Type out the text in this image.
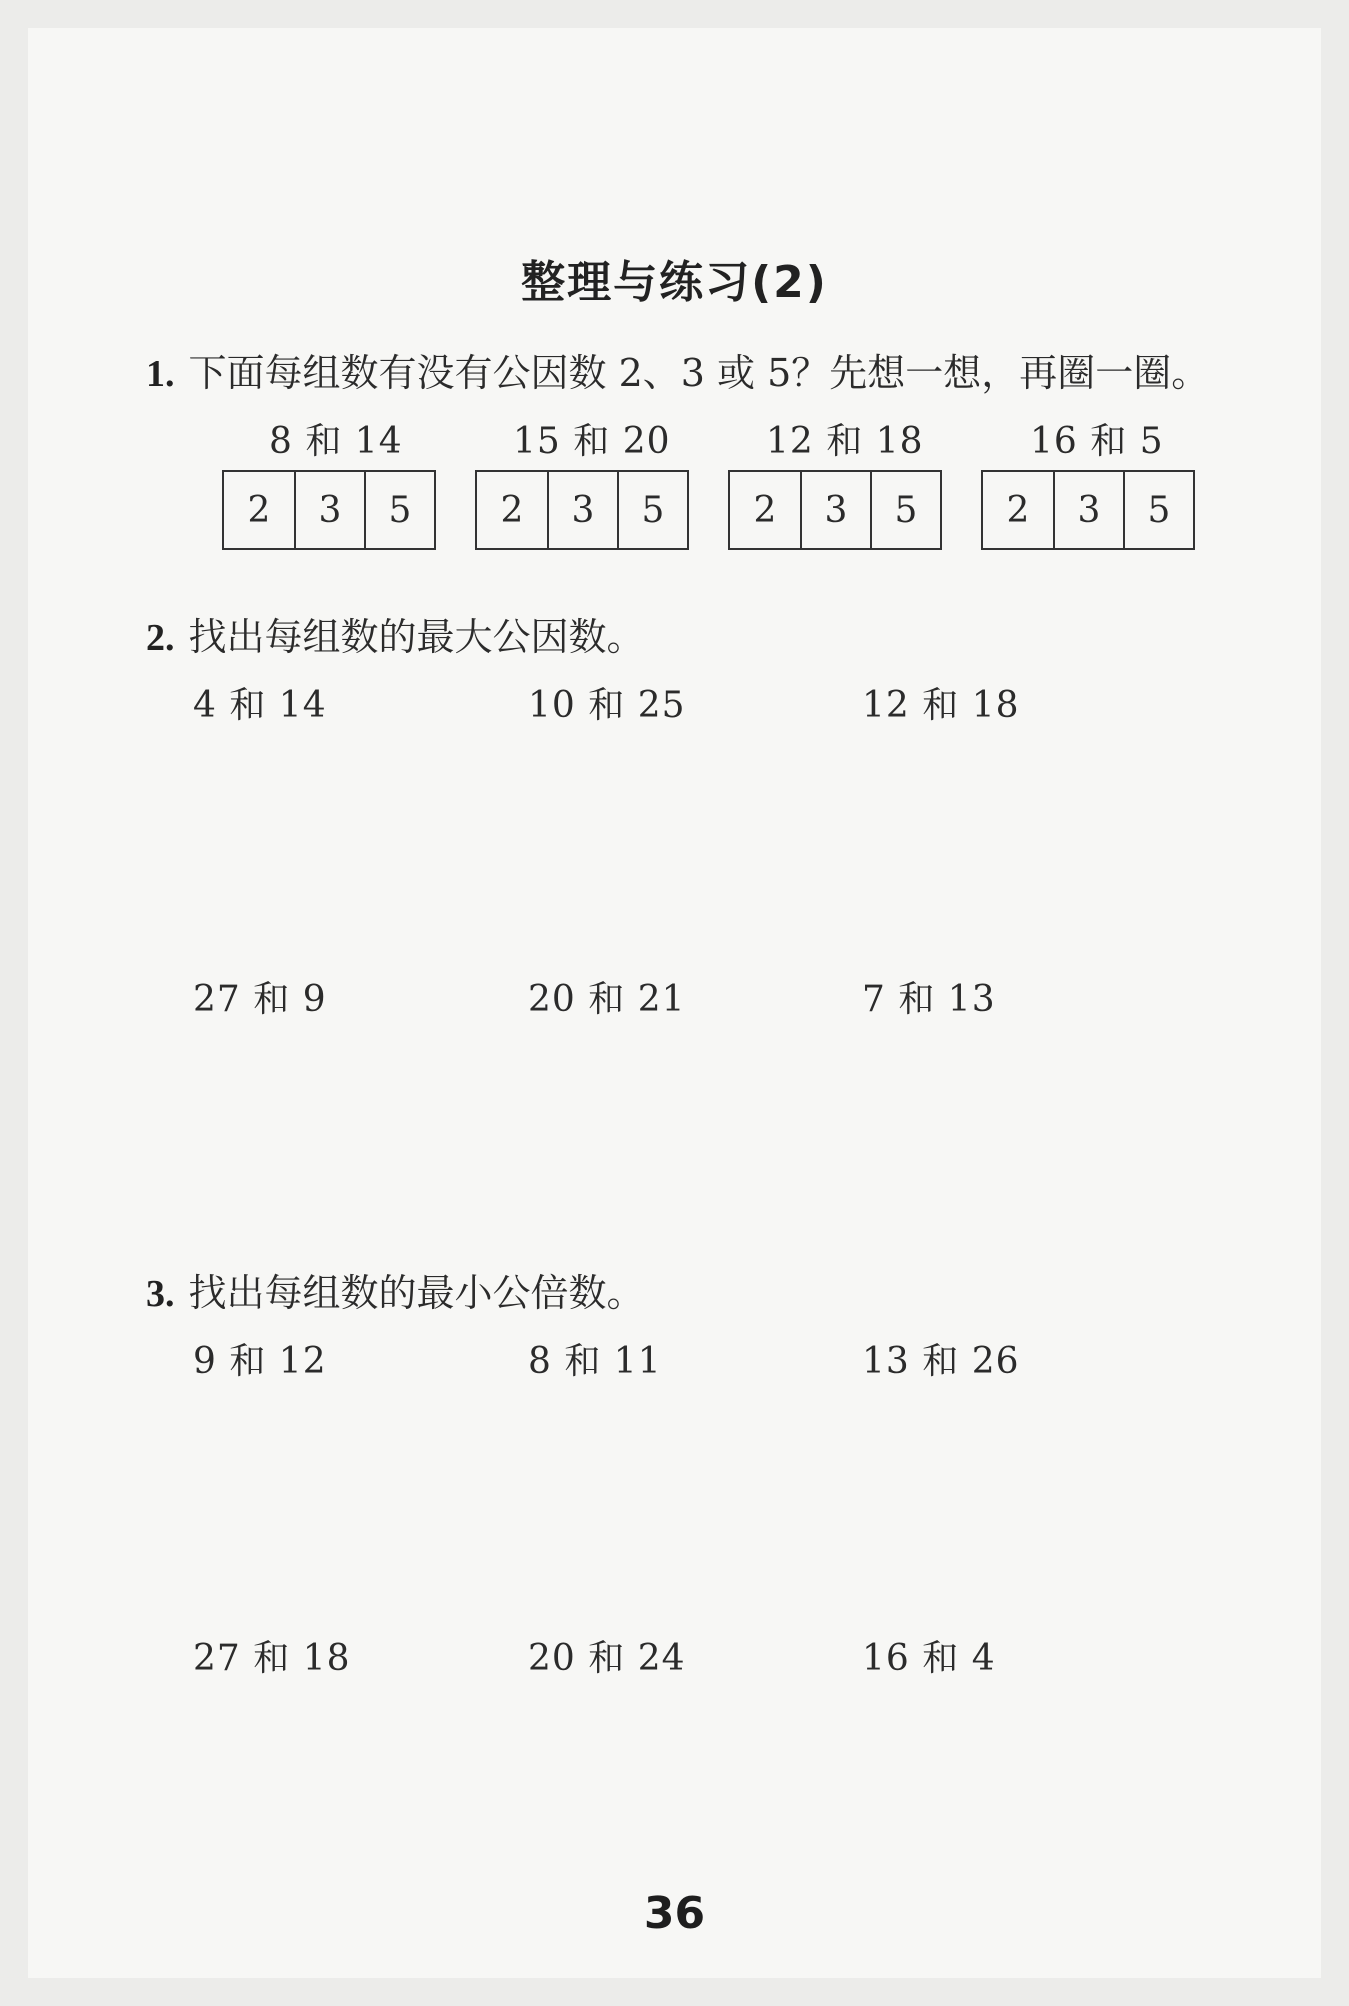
整理与练习(2)
1. 下面每组数有没有公因数 2、3 或 5？先想一想，再圈一圈。
8 和 14	15 和 20	12 和 18	16 和 5
2	3	5	2	3	5	2	3	5	2	3	5
2. 找出每组数的最大公因数。
4 和 14	10 和 25	12 和 18
27 和 9	20 和 21	7 和 13
3. 找出每组数的最小公倍数。
9 和 12	8 和 11	13 和 26
27 和 18	20 和 24	16 和 4
36
